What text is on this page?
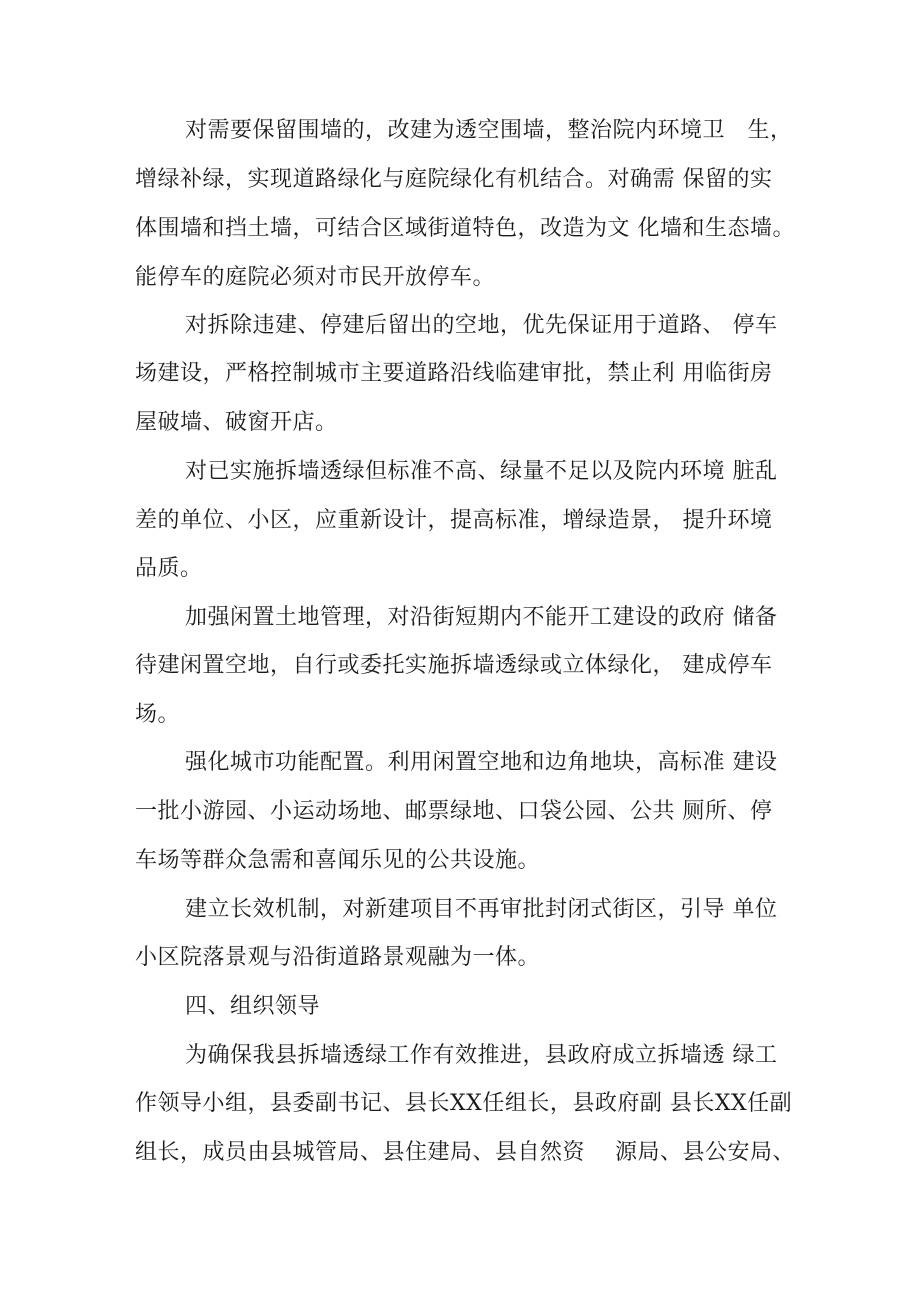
对需要保留围墙的，改建为透空围墙，整治院内环境卫　生，
增绿补绿，实现道路绿化与庭院绿化有机结合。对确需 保留的实
体围墙和挡土墙，可结合区域街道特色，改造为文 化墙和生态墙。
能停车的庭院必须对市民开放停车。
对拆除违建、停建后留出的空地，优先保证用于道路、 停车
场建设，严格控制城市主要道路沿线临建审批，禁止利 用临街房
屋破墙、破窗开店。
对已实施拆墙透绿但标准不高、绿量不足以及院内环境 脏乱
差的单位、小区，应重新设计，提高标准，增绿造景， 提升环境
品质。
加强闲置土地管理，对沿街短期内不能开工建设的政府 储备
待建闲置空地，自行或委托实施拆墙透绿或立体绿化， 建成停车
场。
强化城市功能配置。利用闲置空地和边角地块，高标准 建设
一批小游园、小运动场地、邮票绿地、口袋公园、公共 厕所、停
车场等群众急需和喜闻乐见的公共设施。
建立长效机制，对新建项目不再审批封闭式街区，引导 单位
小区院落景观与沿街道路景观融为一体。
四、组织领导
为确保我县拆墙透绿工作有效推进，县政府成立拆墙透 绿工
作领导小组，县委副书记、县长XX任组长，县政府副 县长XX任副
组长，成员由县城管局、县住建局、县自然资　 源局、县公安局、
